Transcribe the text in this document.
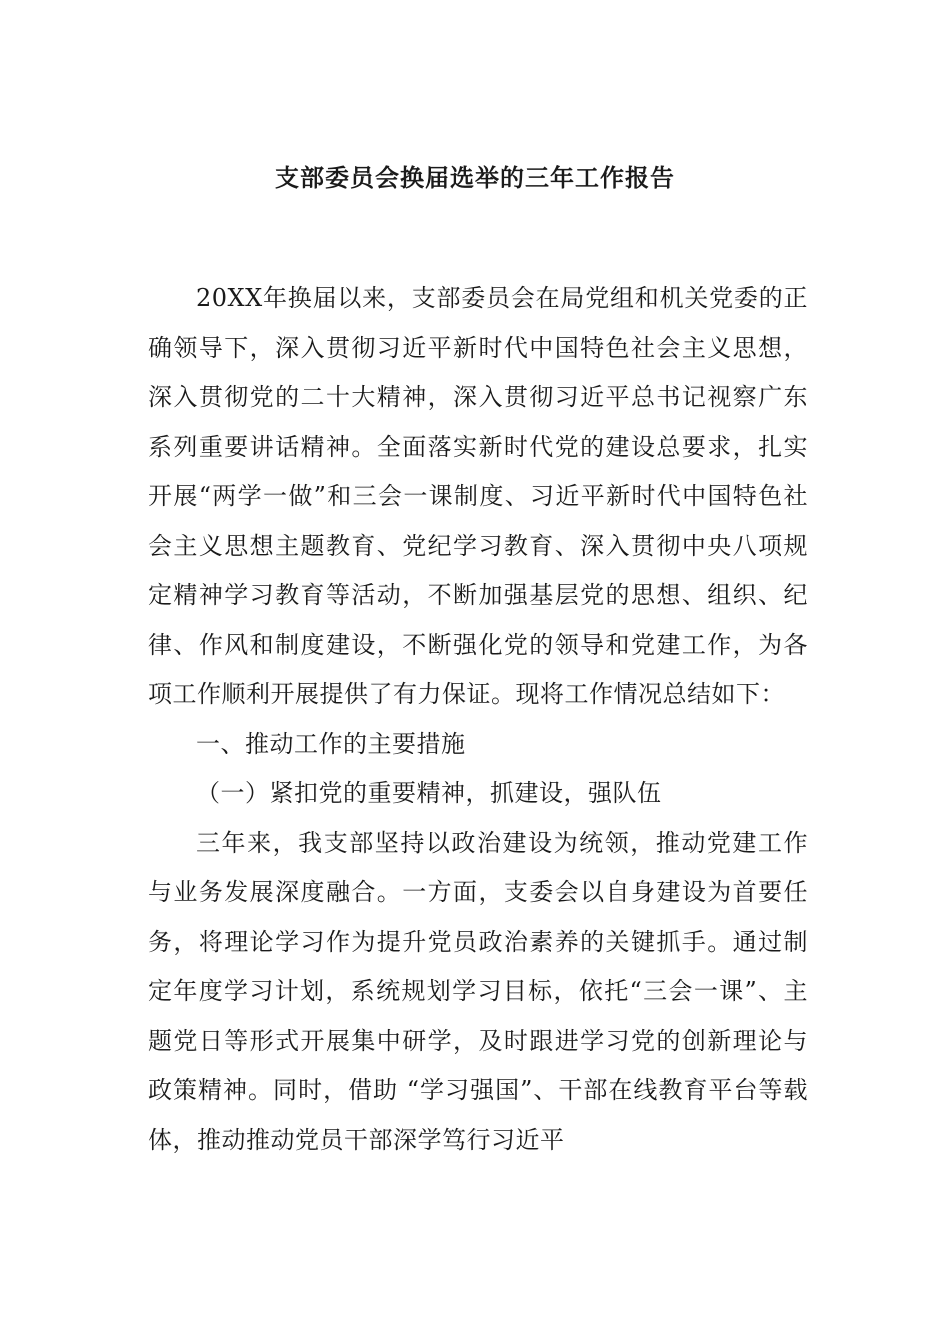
支部委员会换届选举的三年工作报告

20XX年换届以来，支部委员会在局党组和机关党委的正确领导下，深入贯彻习近平新时代中国特色社会主义思想，深入贯彻党的二十大精神，深入贯彻习近平总书记视察广东系列重要讲话精神。全面落实新时代党的建设总要求，扎实开展“两学一做”和三会一课制度、习近平新时代中国特色社会主义思想主题教育、党纪学习教育、深入贯彻中央八项规定精神学习教育等活动，不断加强基层党的思想、组织、纪律、作风和制度建设，不断强化党的领导和党建工作，为各项工作顺利开展提供了有力保证。现将工作情况总结如下：

一、推动工作的主要措施

（一）紧扣党的重要精神，抓建设，强队伍

三年来，我支部坚持以政治建设为统领，推动党建工作与业务发展深度融合。一方面，支委会以自身建设为首要任务，将理论学习作为提升党员政治素养的关键抓手。通过制定年度学习计划，系统规划学习目标，依托“三会一课”、主题党日等形式开展集中研学，及时跟进学习党的创新理论与政策精神。同时，借助 “学习强国”、干部在线教育平台等载体，推动推动党员干部深学笃行习近平
